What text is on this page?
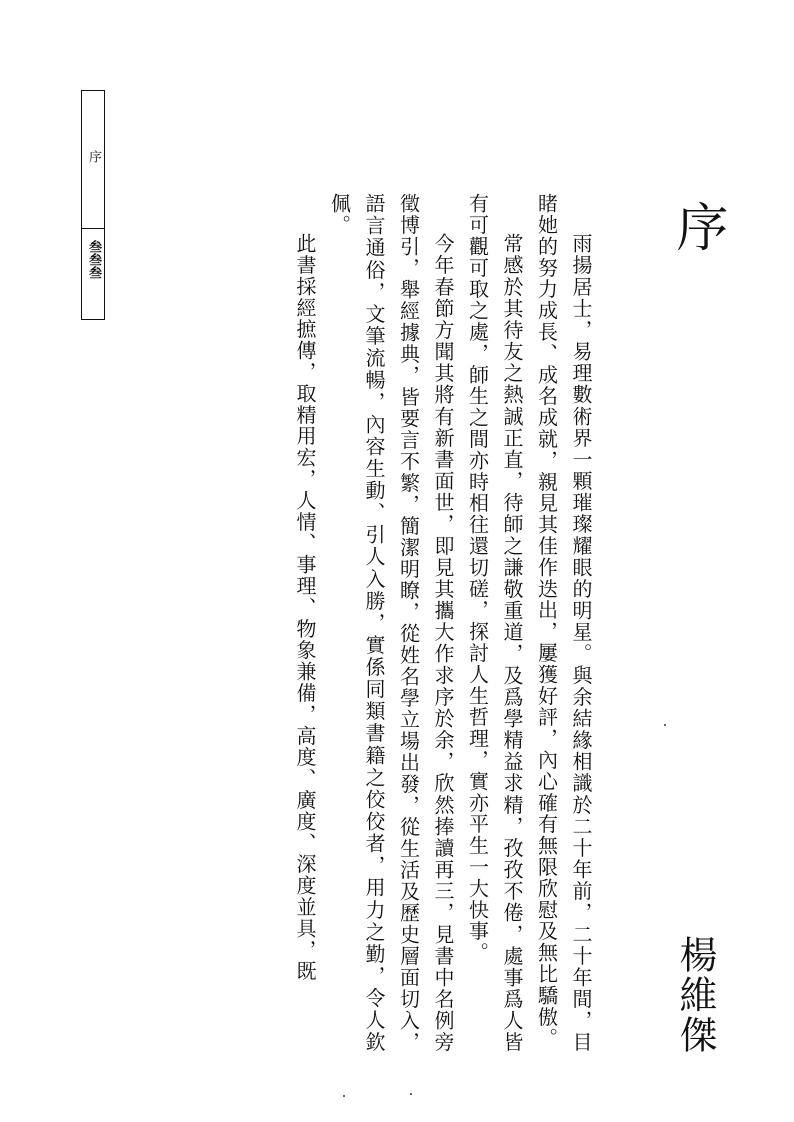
序
叁叁叁
序
楊維傑

雨揚居士，易理數術界一顆璀璨耀眼的明星。與余結緣相識於二十年前，二十年間，目睹她的努力成長、成名成就，親見其佳作迭出，屢獲好評，內心確有無限欣慰及無比驕傲。

常感於其待友之熱誠正直，待師之謙敬重道，及爲學精益求精，孜孜不倦，處事爲人皆有可觀可取之處，師生之間亦時相往還切磋，探討人生哲理，實亦平生一大快事。

今年春節方聞其將有新書面世，即見其攜大作求序於余，欣然捧讀再三，見書中名例旁徵博引，舉經據典，皆要言不繁，簡潔明瞭，從姓名學立場出發，從生活及歷史層面切入，語言通俗，文筆流暢，內容生動、引人入勝，實係同類書籍之佼佼者，用力之勤，令人欽佩。

此書採經摭傳，取精用宏，人情、事理、物象兼備，高度、廣度、深度並具，既
